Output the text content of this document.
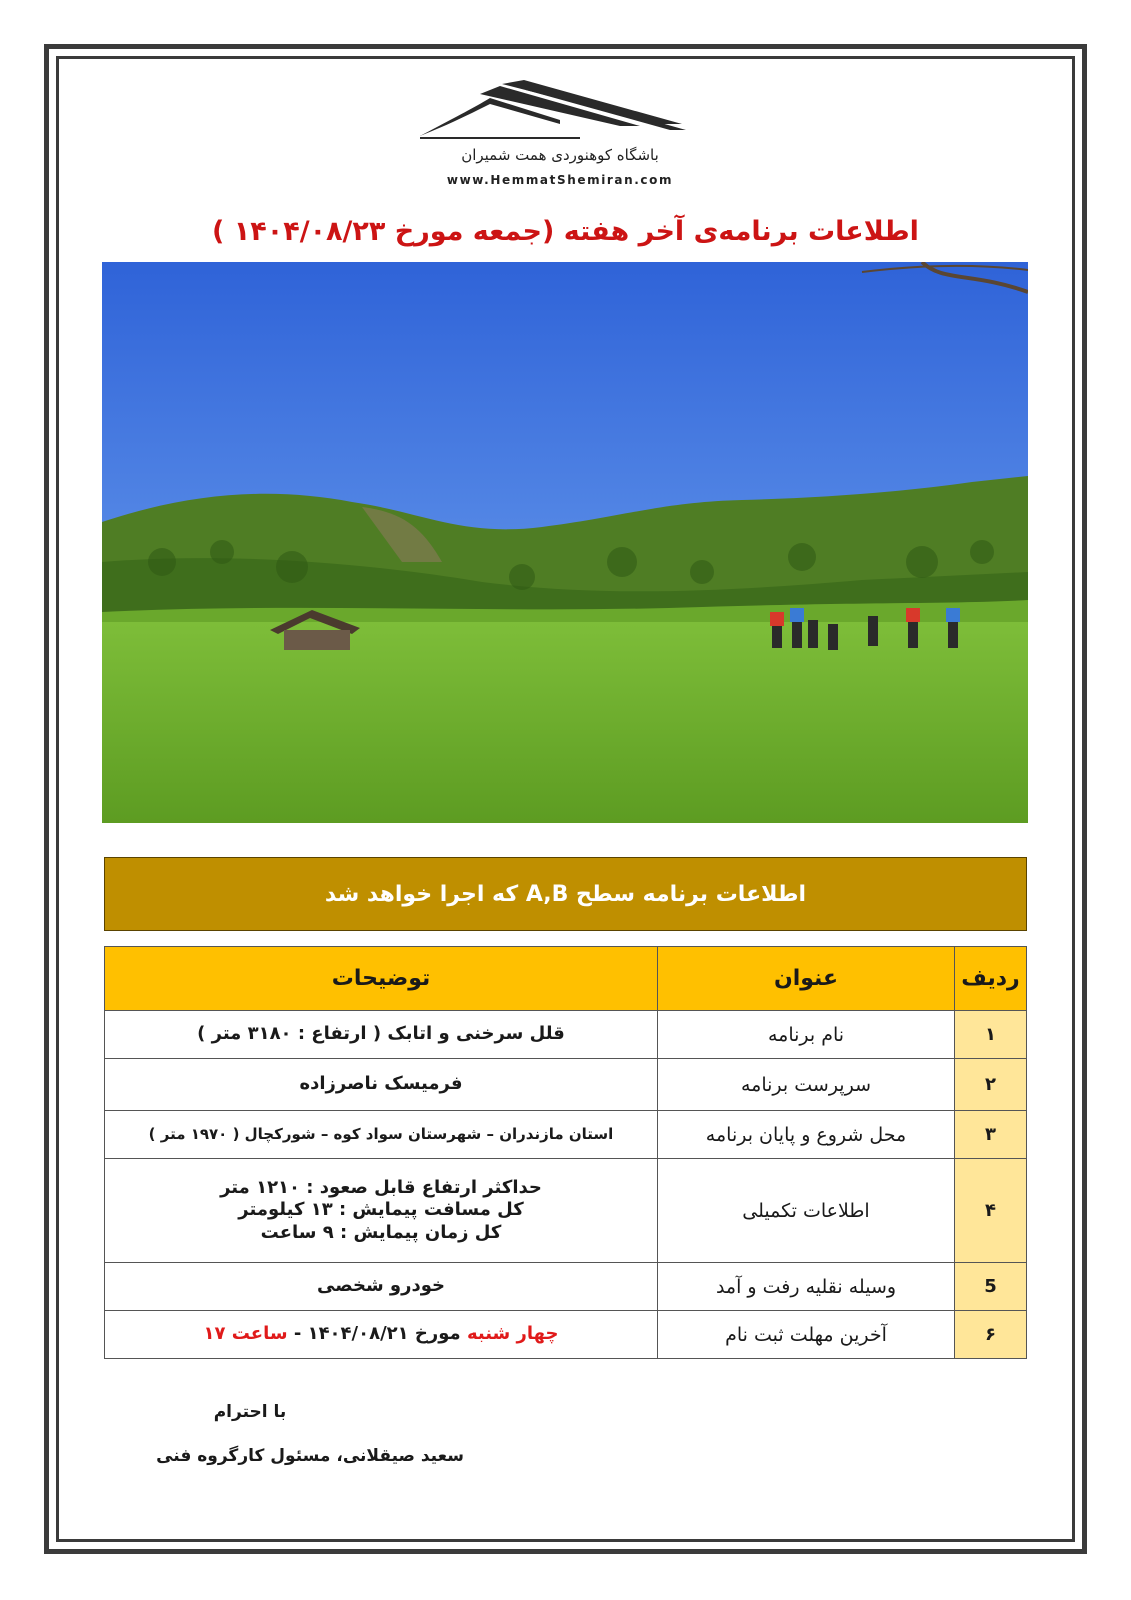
باشگاه کوهنوردی همت شمیران
www.HemmatShemiran.com
اطلاعات برنامه‌ی آخر هفته (جمعه مورخ ۱۴۰۴/۰۸/۲۳ )
اطلاعات برنامه سطح A,B که اجرا خواهد شد
ردیف	عنوان	توضیحات
۱	نام برنامه	قلل سرخنی و اتابک ( ارتفاع : ۳۱۸۰ متر )
۲	سرپرست برنامه	فرمیسک ناصرزاده
۳	محل شروع و پایان برنامه	استان مازندران – شهرستان سواد کوه – شورکچال ( ۱۹۷۰ متر )
۴	اطلاعات تکمیلی	حداکثر ارتفاع قابل صعود : ۱۲۱۰ متر
کل مسافت پیمایش : ۱۳ کیلومتر
کل زمان پیمایش : ۹ ساعت

5	وسیله نقلیه رفت و آمد	خودرو شخصی
۶	آخرین مهلت ثبت نام	چهار شنبه مورخ ۱۴۰۴/۰۸/۲۱ - ساعت ۱۷
با احترام
سعید صیقلانی، مسئول کارگروه فنی
